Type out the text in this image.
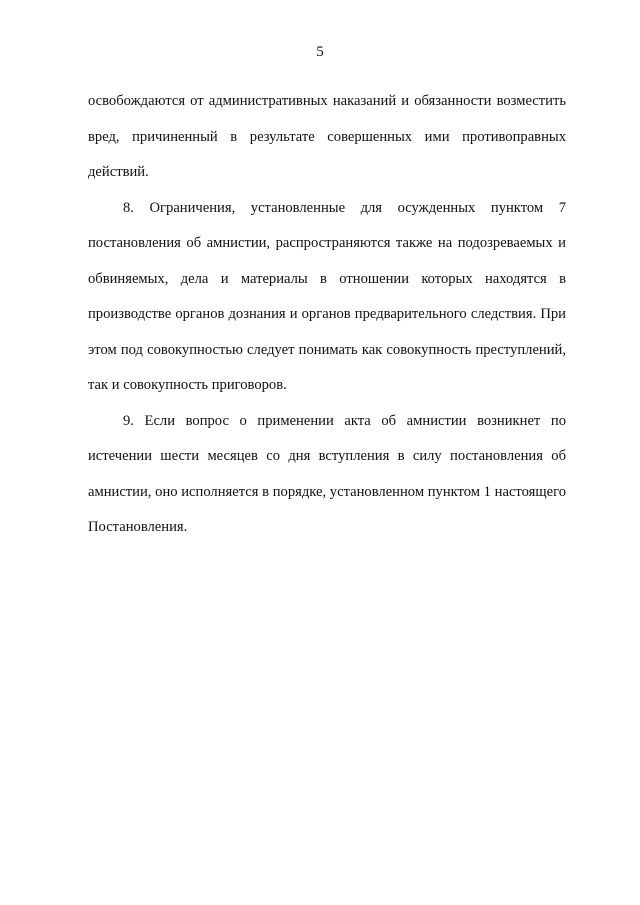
5

освобождаются от административных наказаний и обязанности возместить вред, причиненный в результате совершенных ими противоправных действий.

8. Ограничения, установленные для осужденных пунктом 7 постановления об амнистии, распространяются также на подозреваемых и обвиняемых, дела и материалы в отношении которых находятся в производстве органов дознания и органов предварительного следствия. При этом под совокупностью следует понимать как совокупность преступлений, так и совокупность приговоров.

9. Если вопрос о применении акта об амнистии возникнет по истечении шести месяцев со дня вступления в силу постановления об амнистии, оно исполняется в порядке, установленном пунктом 1 настоящего Постановления.
